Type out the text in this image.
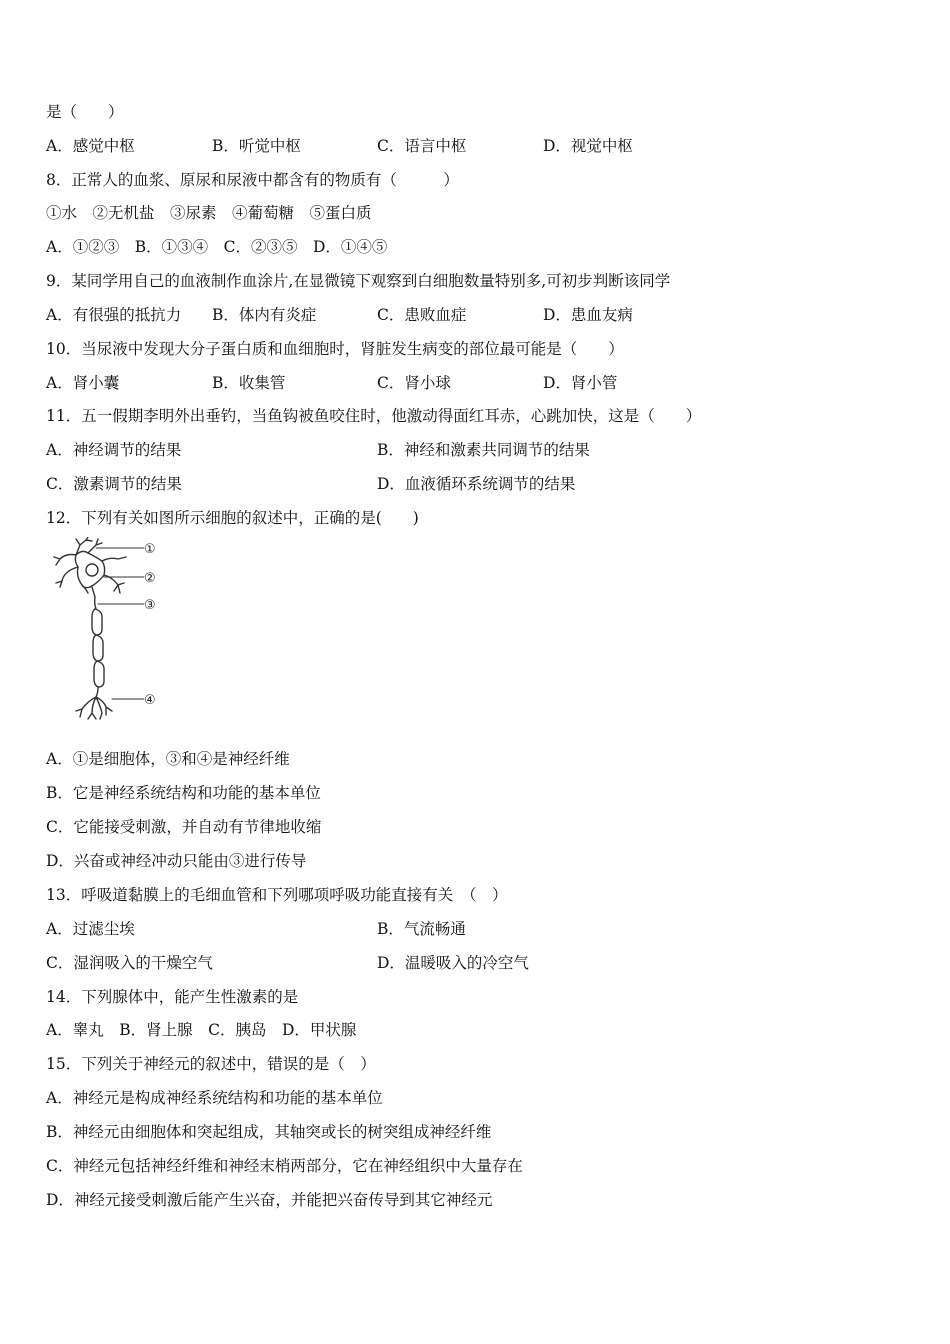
是（　　）
A．感觉中枢	B．听觉中枢	C．语言中枢	D．视觉中枢
8．正常人的血浆、原尿和尿液中都含有的物质有（　　　）
①水　②无机盐　③尿素　④葡萄糖　⑤蛋白质
A．①②③　B．①③④　C．②③⑤　D．①④⑤
9．某同学用自己的血液制作血涂片,在显微镜下观察到白细胞数量特别多,可初步判断该同学
A．有很强的抵抗力 B．体内有炎症	C．患败血症	D．患血友病
10．当尿液中发现大分子蛋白质和血细胞时，肾脏发生病变的部位最可能是（　　）
A．肾小囊	B．收集管	C．肾小球	D．肾小管
11．五一假期李明外出垂钓，当鱼钩被鱼咬住时，他激动得面红耳赤，心跳加快，这是（　　）
A．神经调节的结果	B．神经和激素共同调节的结果
C．激素调节的结果	D．血液循环系统调节的结果
12．下列有关如图所示细胞的叙述中，正确的是(　　)
①
②
③
④
A．①是细胞体，③和④是神经纤维
B．它是神经系统结构和功能的基本单位
C．它能接受刺激，并自动有节律地收缩
D．兴奋或神经冲动只能由③进行传导
13．呼吸道黏膜上的毛细血管和下列哪项呼吸功能直接有关　（　）
A．过滤尘埃	B．气流畅通
C．湿润吸入的干燥空气	D．温暖吸入的冷空气
14．下列腺体中，能产生性激素的是
A．睾丸　B．肾上腺　C．胰岛　D．甲状腺
15．下列关于神经元的叙述中，错误的是（　）
A．神经元是构成神经系统结构和功能的基本单位
B．神经元由细胞体和突起组成，其轴突或长的树突组成神经纤维
C．神经元包括神经纤维和神经末梢两部分，它在神经组织中大量存在
D．神经元接受刺激后能产生兴奋，并能把兴奋传导到其它神经元
